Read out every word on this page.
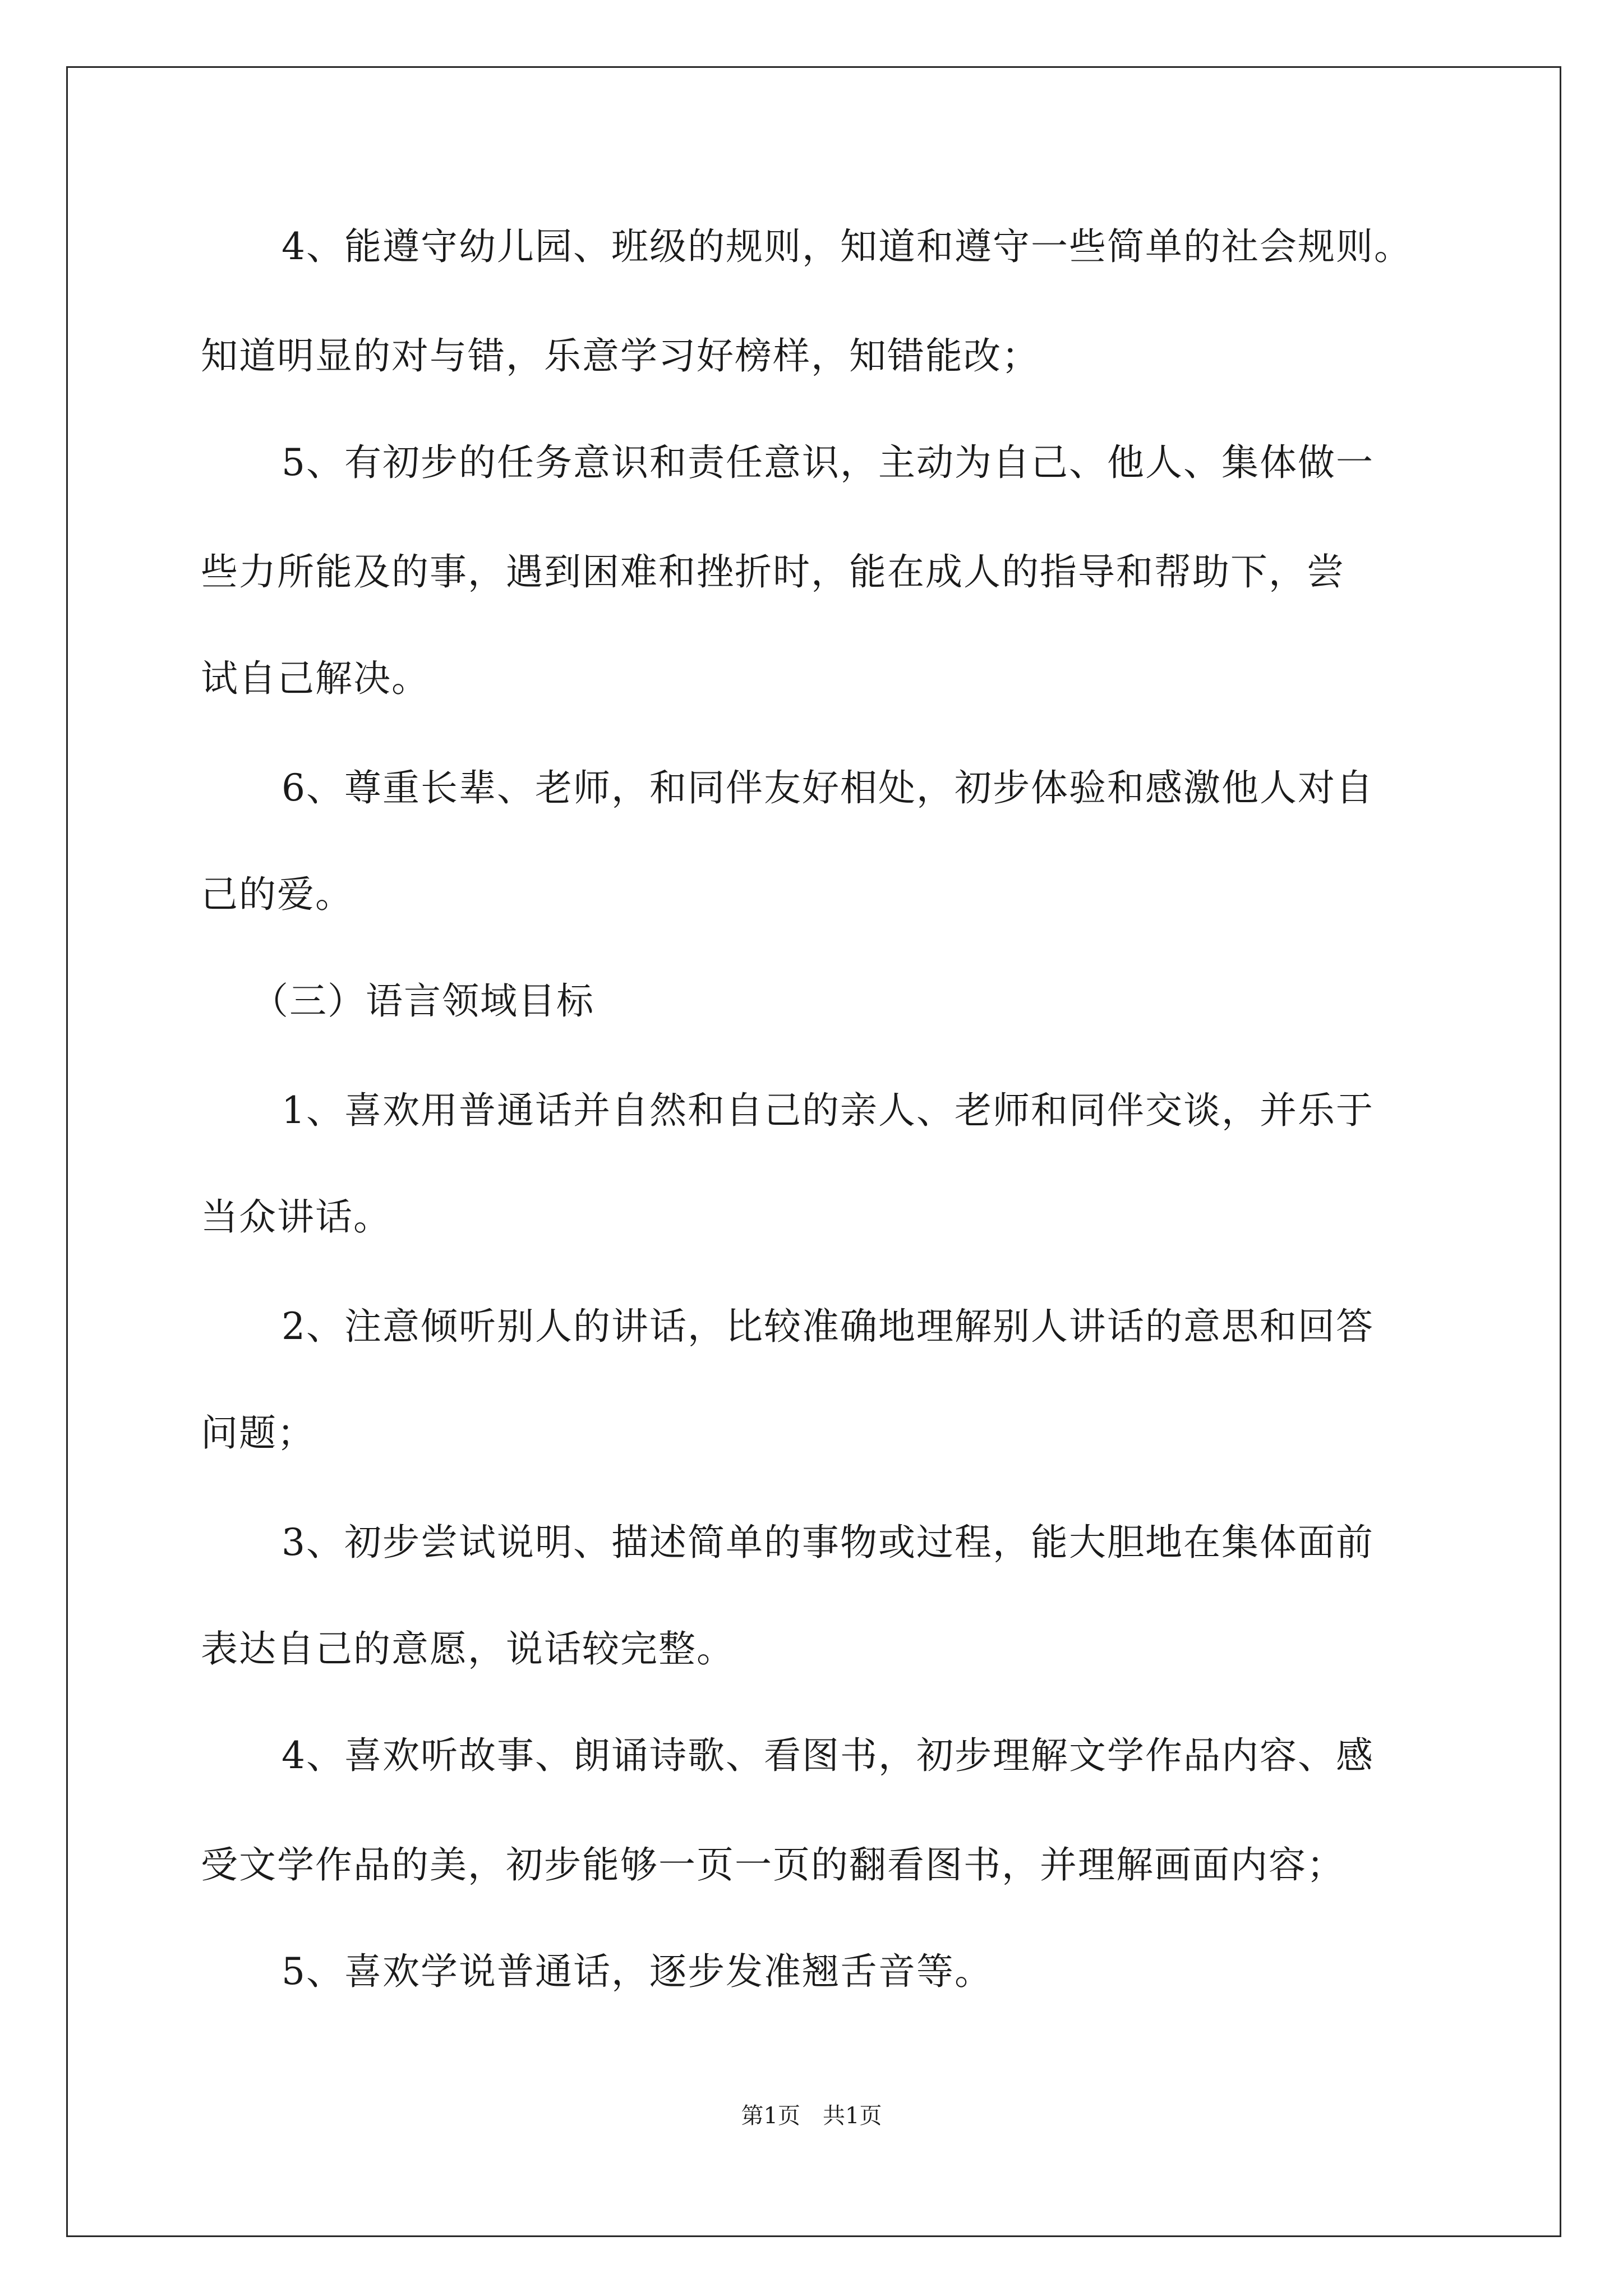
4、能遵守幼儿园、班级的规则，知道和遵守一些简单的社会规则。

知道明显的对与错，乐意学习好榜样，知错能改；

5、有初步的任务意识和责任意识，主动为自己、他人、集体做一

些力所能及的事，遇到困难和挫折时，能在成人的指导和帮助下，尝

试自己解决。

6、尊重长辈、老师，和同伴友好相处，初步体验和感激他人对自

己的爱。

（三）语言领域目标

1、喜欢用普通话并自然和自己的亲人、老师和同伴交谈，并乐于

当众讲话。

2、注意倾听别人的讲话，比较准确地理解别人讲话的意思和回答

问题；

3、初步尝试说明、描述简单的事物或过程，能大胆地在集体面前

表达自己的意愿，说话较完整。

4、喜欢听故事、朗诵诗歌、看图书，初步理解文学作品内容、感

受文学作品的美，初步能够一页一页的翻看图书，并理解画面内容；

5、喜欢学说普通话，逐步发准翘舌音等。

第1页 共1页
